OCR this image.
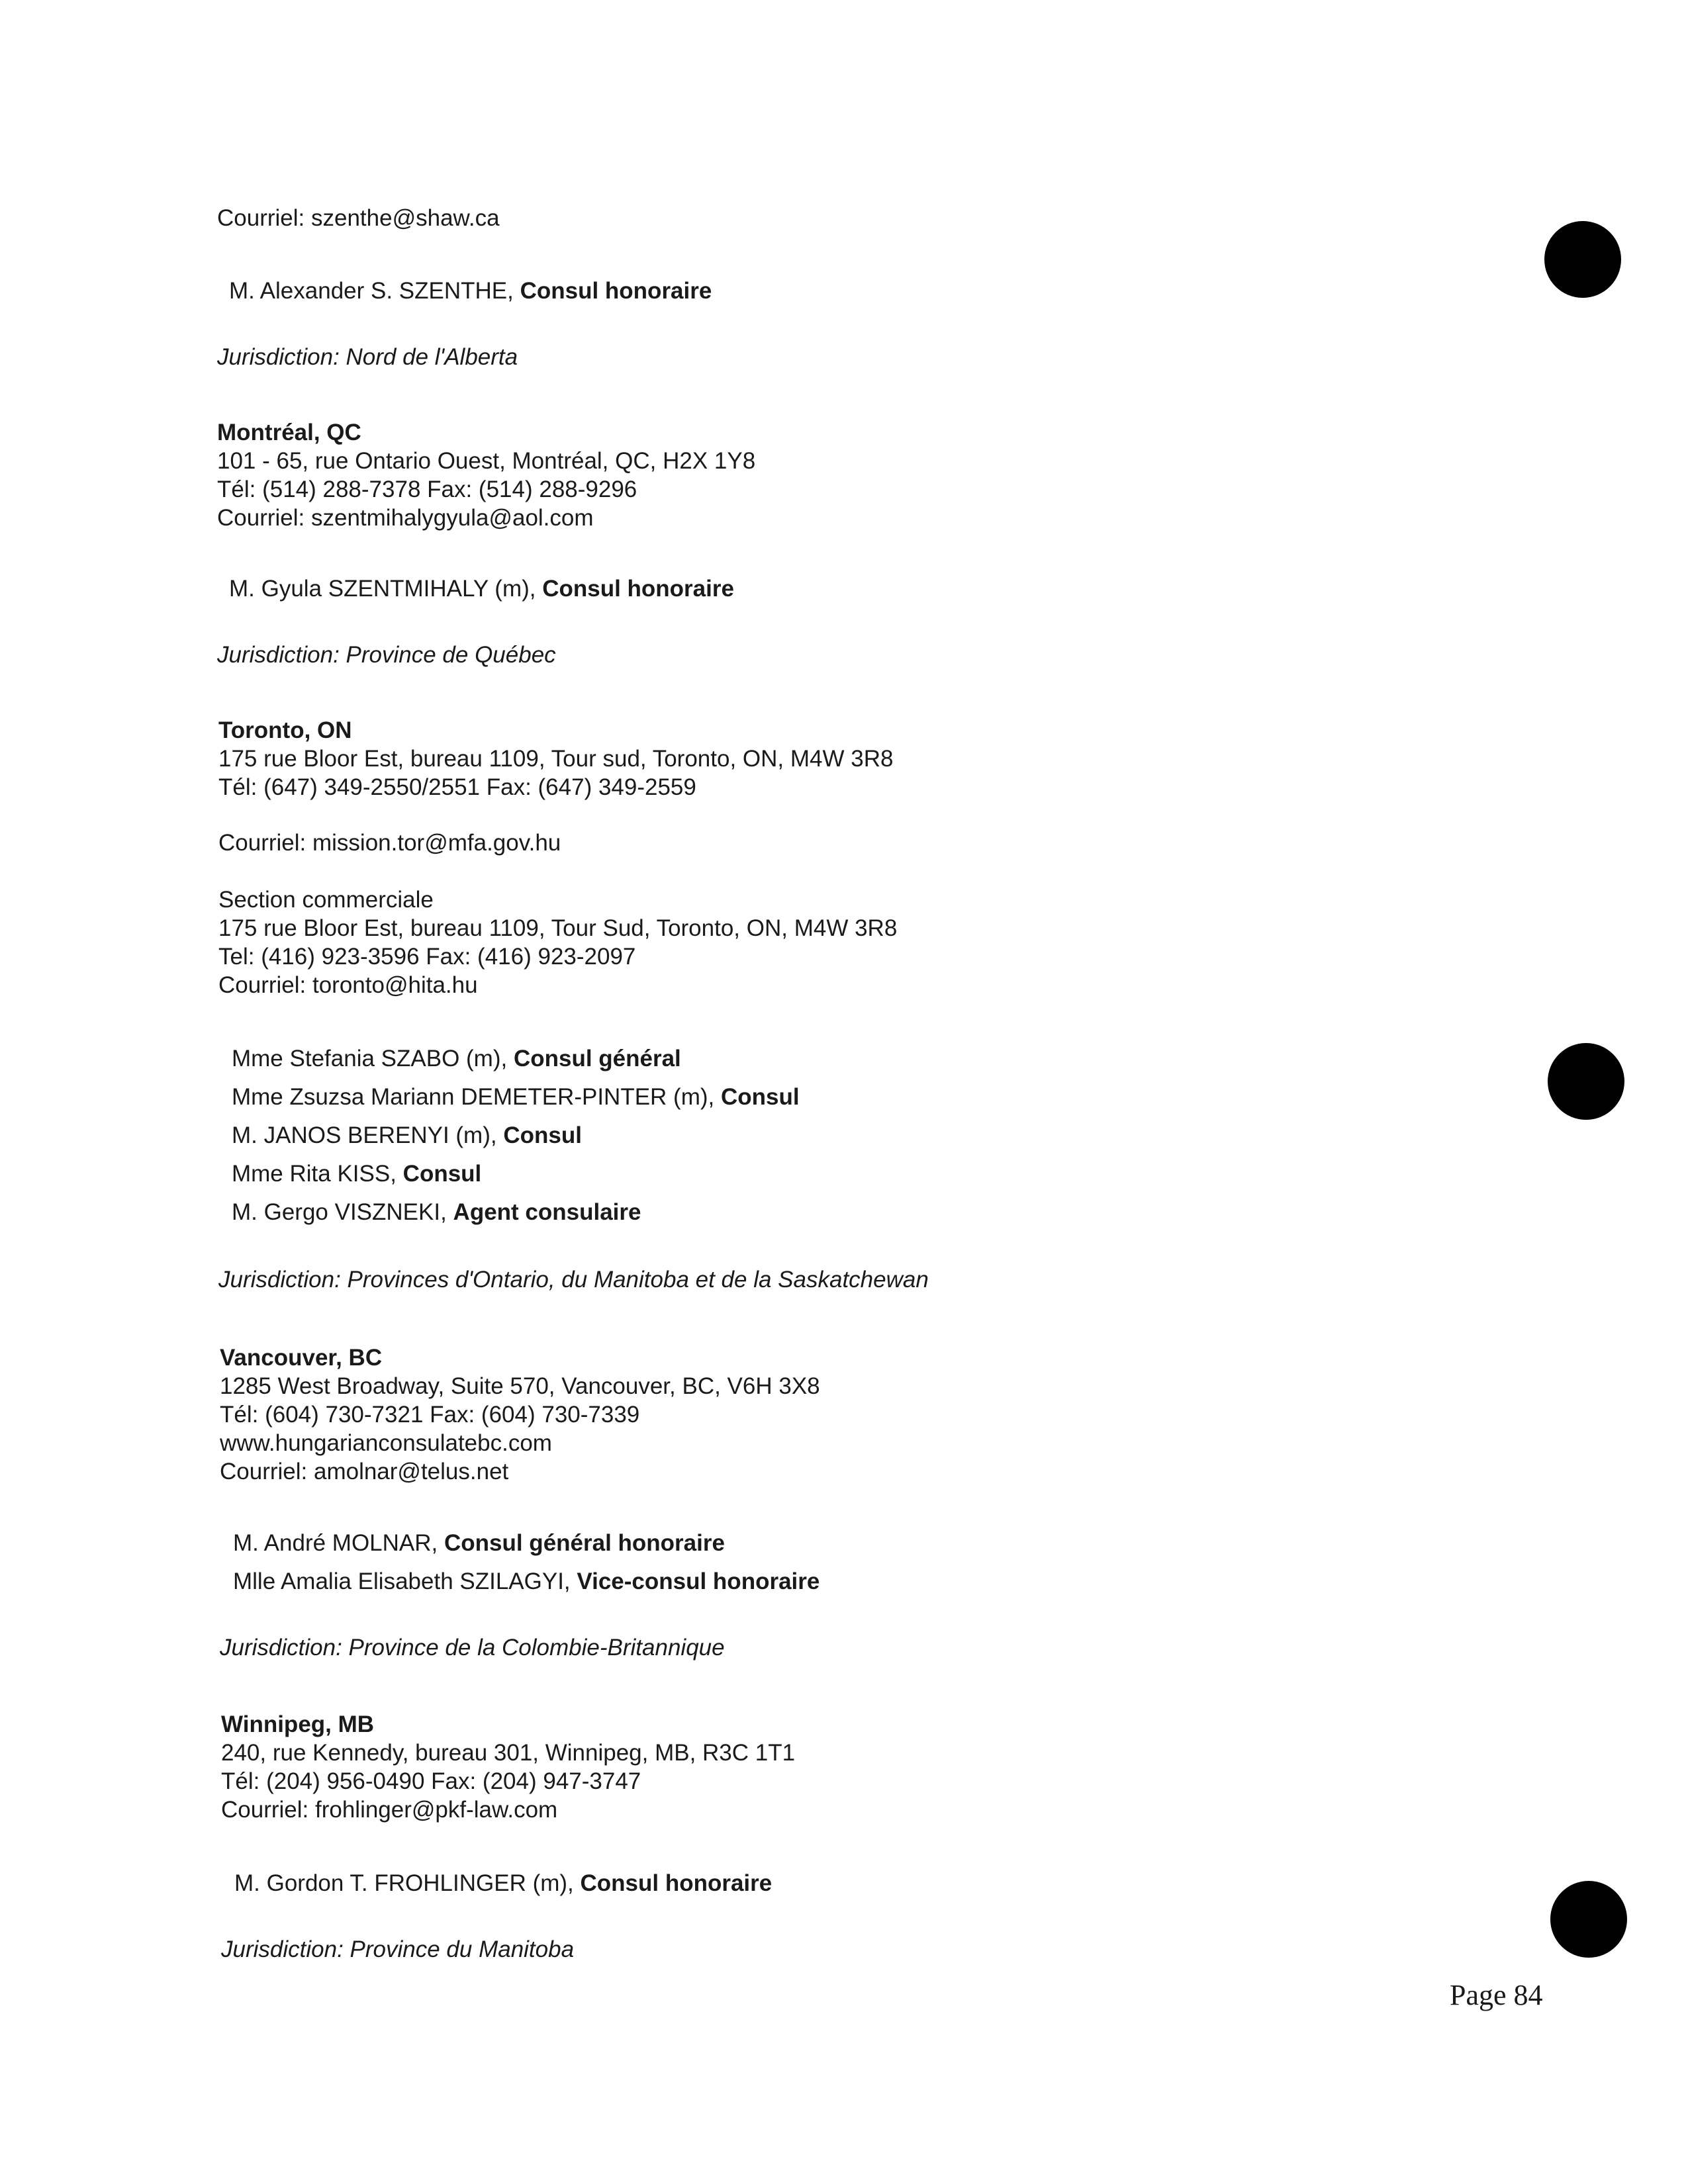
Courriel: szenthe@shaw.ca
M. Alexander S. SZENTHE, Consul honoraire
Jurisdiction: Nord de l'Alberta
Montréal, QC
101 - 65, rue Ontario Ouest, Montréal, QC, H2X 1Y8
Tél: (514) 288-7378 Fax: (514) 288-9296
Courriel: szentmihalygyula@aol.com
M. Gyula SZENTMIHALY (m), Consul honoraire
Jurisdiction: Province de Québec
Toronto, ON
175 rue Bloor Est, bureau 1109, Tour sud, Toronto, ON, M4W 3R8
Tél: (647) 349-2550/2551 Fax: (647) 349-2559
Courriel: mission.tor@mfa.gov.hu
Section commerciale
175 rue Bloor Est, bureau 1109, Tour Sud, Toronto, ON, M4W 3R8
Tel: (416) 923-3596 Fax: (416) 923-2097
Courriel: toronto@hita.hu
Mme Stefania SZABO (m), Consul général
Mme Zsuzsa Mariann DEMETER-PINTER (m), Consul
M. JANOS BERENYI (m), Consul
Mme Rita KISS, Consul
M. Gergo VISZNEKI, Agent consulaire
Jurisdiction: Provinces d'Ontario, du Manitoba et de la Saskatchewan
Vancouver, BC
1285 West Broadway, Suite 570, Vancouver, BC, V6H 3X8
Tél: (604) 730-7321 Fax: (604) 730-7339
www.hungarianconsulatebc.com
Courriel: amolnar@telus.net
M. André MOLNAR, Consul général honoraire
Mlle Amalia Elisabeth SZILAGYI, Vice-consul honoraire
Jurisdiction: Province de la Colombie-Britannique
Winnipeg, MB
240, rue Kennedy, bureau 301, Winnipeg, MB, R3C 1T1
Tél: (204) 956-0490 Fax: (204) 947-3747
Courriel: frohlinger@pkf-law.com
M. Gordon T. FROHLINGER (m), Consul honoraire
Jurisdiction: Province du Manitoba
Page 84
